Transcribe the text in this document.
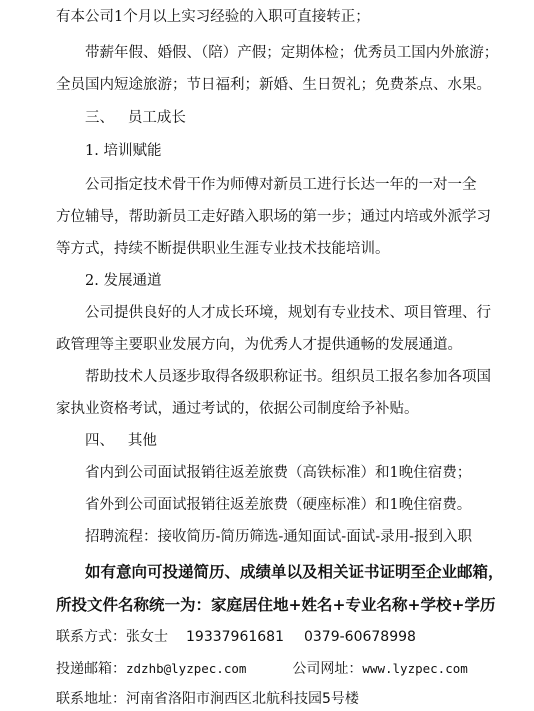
有本公司1个月以上实习经验的入职可直接转正；
带薪年假、婚假、（陪）产假；定期体检；优秀员工国内外旅游；
全员国内短途旅游；节日福利；新婚、生日贺礼；免费茶点、水果。
三、   员工成长
1. 培训赋能
公司指定技术骨干作为师傅对新员工进行长达一年的一对一全
方位辅导，帮助新员工走好踏入职场的第一步；通过内培或外派学习
等方式，持续不断提供职业生涯专业技术技能培训。
2. 发展通道
公司提供良好的人才成长环境，规划有专业技术、项目管理、行
政管理等主要职业发展方向，为优秀人才提供通畅的发展通道。
帮助技术人员逐步取得各级职称证书。组织员工报名参加各项国
家执业资格考试，通过考试的，依据公司制度给予补贴。
四、   其他
省内到公司面试报销往返差旅费（高铁标准）和1晚住宿费；
省外到公司面试报销往返差旅费（硬座标准）和1晚住宿费。
招聘流程：接收简历-简历筛选-通知面试-面试-录用-报到入职
如有意向可投递简历、成绩单以及相关证书证明至企业邮箱，
所投文件名称统一为：家庭居住地+姓名+专业名称+学校+学历
联系方式：张女士 19337961681 0379-60678998
投递邮箱：zdzhb@lyzpec.com	公司网址：www.lyzpec.com
联系地址：河南省洛阳市涧西区北航科技园5号楼
